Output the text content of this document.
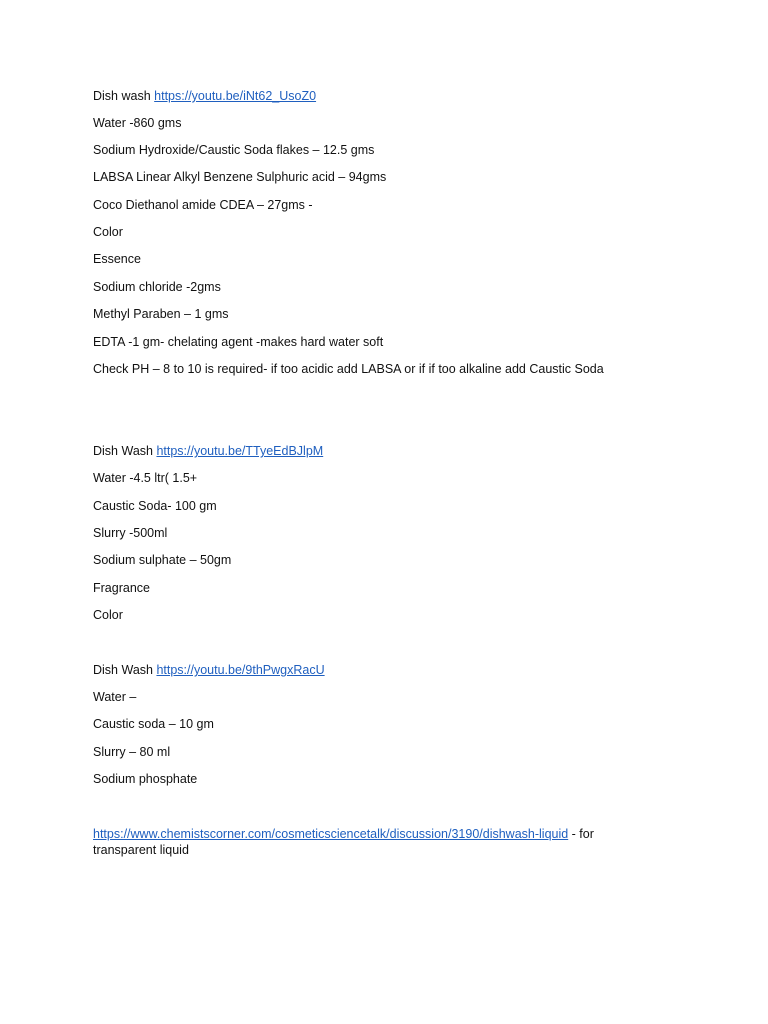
Dish wash https://youtu.be/iNt62_UsoZ0
Water -860 gms
Sodium Hydroxide/Caustic Soda flakes – 12.5 gms
LABSA Linear Alkyl Benzene Sulphuric acid – 94gms
Coco Diethanol amide CDEA – 27gms -
Color
Essence
Sodium chloride -2gms
Methyl Paraben – 1 gms
EDTA -1 gm- chelating agent -makes hard water soft
Check PH – 8 to 10 is required- if too acidic add LABSA or if if too alkaline add Caustic Soda
Dish Wash https://youtu.be/TTyeEdBJlpM
Water -4.5 ltr( 1.5+
Caustic Soda- 100 gm
Slurry -500ml
Sodium sulphate – 50gm
Fragrance
Color
Dish Wash https://youtu.be/9thPwgxRacU
Water –
Caustic soda – 10 gm
Slurry – 80 ml
Sodium phosphate
https://www.chemistscorner.com/cosmeticsciencetalk/discussion/3190/dishwash-liquid - for transparent liquid
